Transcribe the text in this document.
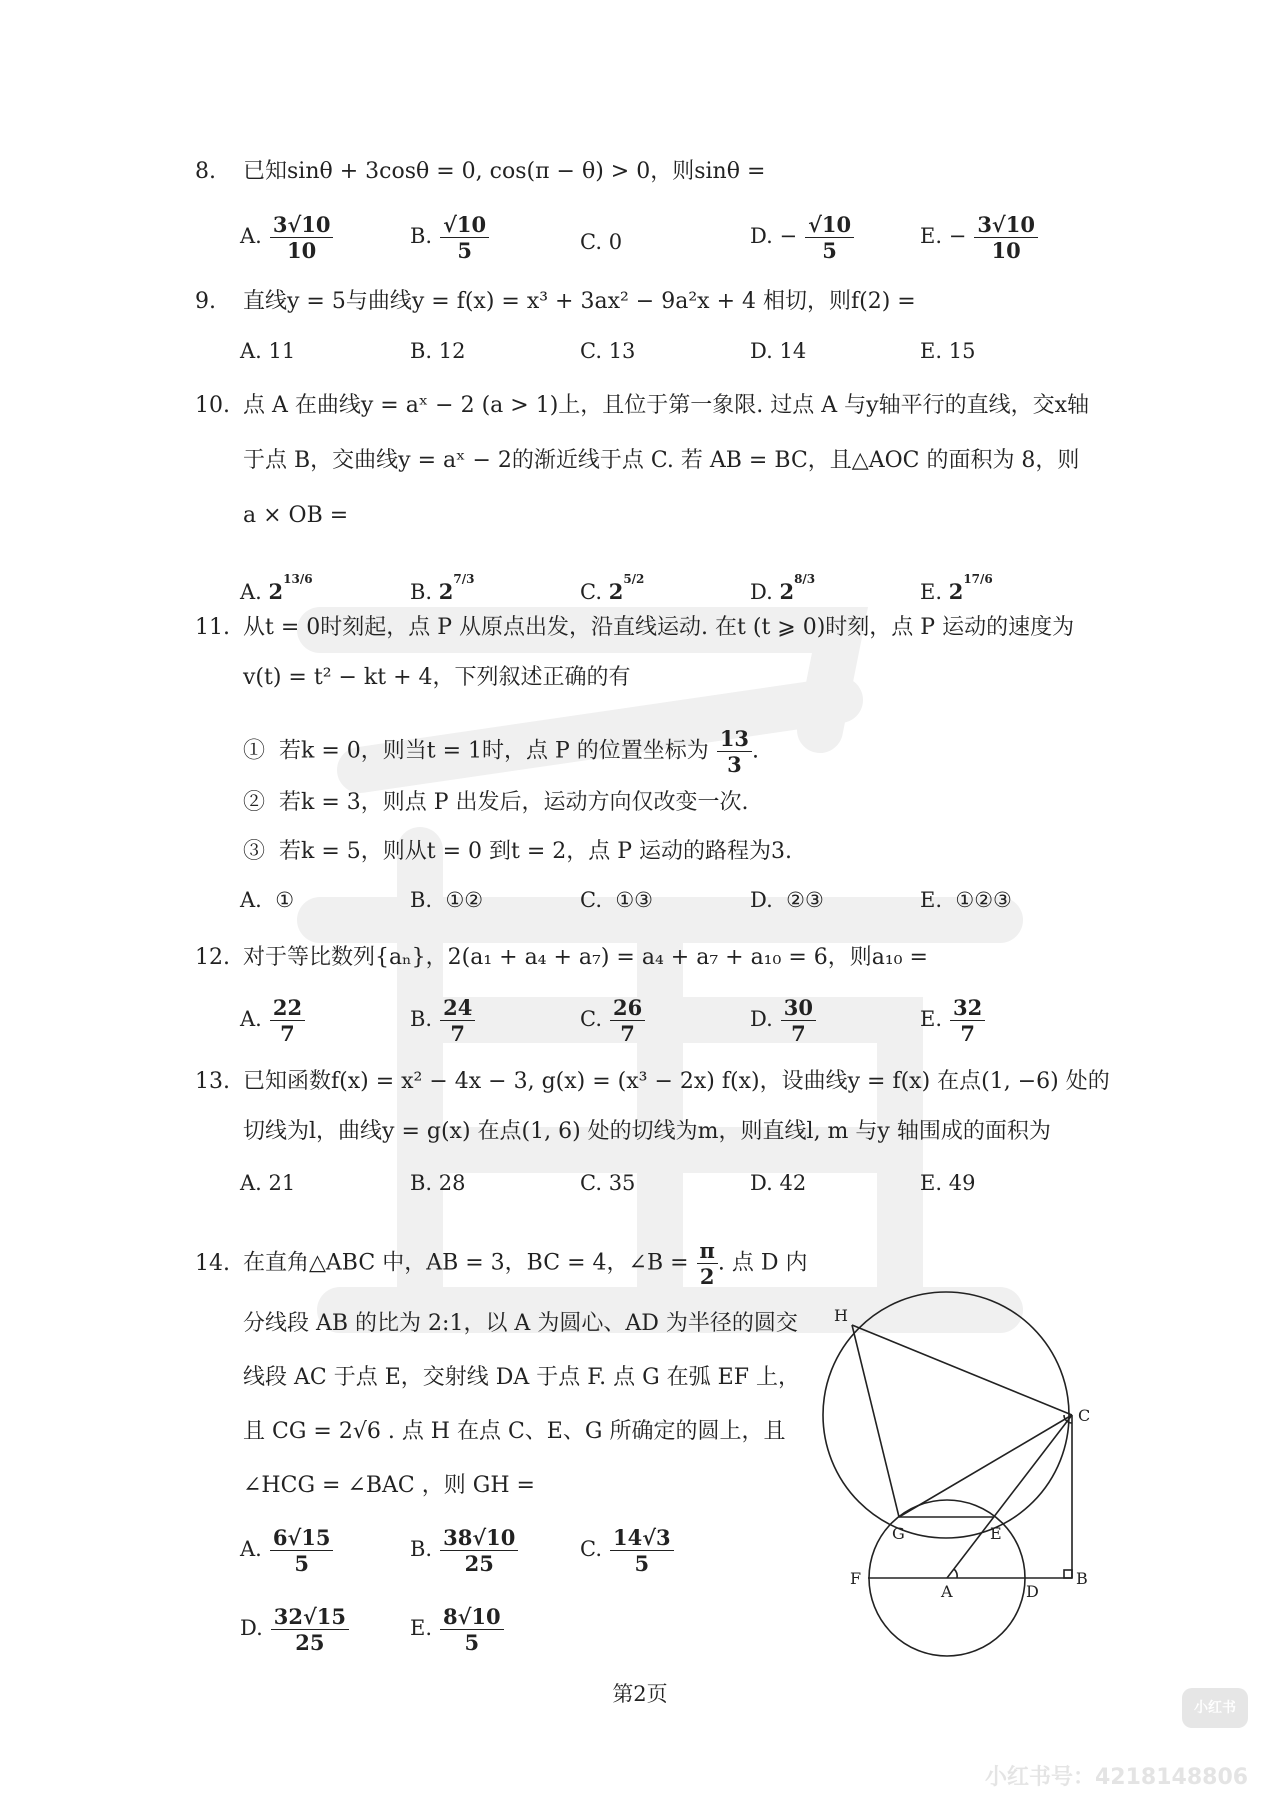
8. 已知sinθ + 3cosθ = 0, cos(π − θ) > 0，则sinθ =
A. $\frac{3√10}{10}$	B. $\frac{√10}{5}$	C. 0	D. − $\frac{√10}{5}$	E. − $\frac{3√10}{10}$
9. 直线y = 5与曲线y = f(x) = x³ + 3ax² − 9a²x + 4 相切，则f(2) =
A. 11	B. 12	C. 13	D. 14	E. 15
10. 点 A 在曲线y = aˣ − 2 (a > 1)上，且位于第一象限. 过点 A 与y轴平行的直线，交x轴
于点 B，交曲线y = aˣ − 2的渐近线于点 C. 若 AB = BC，且△AOC 的面积为 8，则
a × OB =
A. $2^{13/6}$
B. $2^{7/3}$
C. $2^{5/2}$
D. $2^{8/3}$
E. $2^{17/6}$
11. 从t = 0时刻起，点 P 从原点出发，沿直线运动. 在t (t ⩾ 0)时刻，点 P 运动的速度为
v(t) = t² − kt + 4，下列叙述正确的有
① 若k = 0，则当t = 1时，点 P 的位置坐标为 $\frac{13}{3}$ .
② 若k = 3，则点 P 出发后，运动方向仅改变一次.
③ 若k = 5，则从t = 0 到t = 2，点 P 运动的路程为3.
A. ①	B. ①②	C. ①③	D. ②③	E. ①②③
12. 对于等比数列{aₙ}，2(a₁ + a₄ + a₇) = a₄ + a₇ + a₁₀ = 6，则a₁₀ =
A. $\frac{22}{7}$	B. $\frac{24}{7}$	C. $\frac{26}{7}$	D. $\frac{30}{7}$	E. $\frac{32}{7}$
13. 已知函数f(x) = x² − 4x − 3, g(x) = (x³ − 2x) f(x)，设曲线y = f(x) 在点(1, −6) 处的
切线为l，曲线y = g(x) 在点(1, 6) 处的切线为m，则直线l, m 与y 轴围成的面积为
A. 21	B. 28	C. 35	D. 42	E. 49
14. 在直角△ABC 中，AB = 3，BC = 4，∠B = $\frac{\pi}{2}$ . 点 D 内
分线段 AB 的比为 2:1，以 A 为圆心、AD 为半径的圆交
线段 AC 于点 E，交射线 DA 于点 F. 点 G 在弧 EF 上，
且 CG = 2√6 . 点 H 在点 C、E、G 所确定的圆上，且
∠HCG = ∠BAC ，则 GH =
A. $\frac{6√15}{5}$	B. $\frac{38√10}{25}$	C. $\frac{14√3}{5}$
D. $\frac{32√15}{25}$	E. $\frac{8√10}{5}$
H
C
G	E
F
A	D
B
第2页
小红书
小红书号：4218148806
